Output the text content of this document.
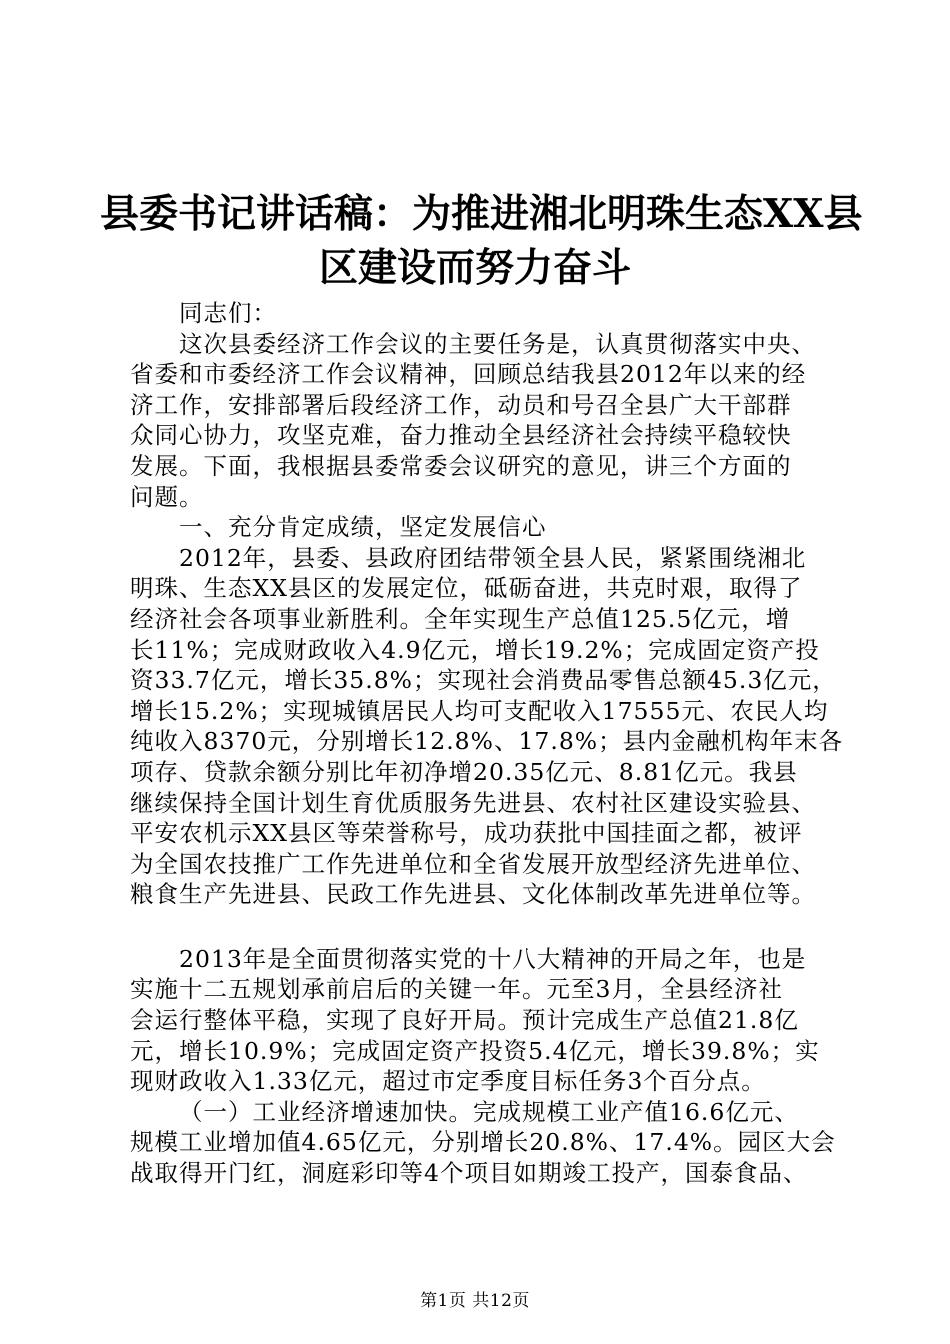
县委书记讲话稿：为推进湘北明珠生态XX县
区建设而努力奋斗
同志们：
这次县委经济工作会议的主要任务是，认真贯彻落实中央、
省委和市委经济工作会议精神，回顾总结我县2012年以来的经
济工作，安排部署后段经济工作，动员和号召全县广大干部群
众同心协力，攻坚克难，奋力推动全县经济社会持续平稳较快
发展。下面，我根据县委常委会议研究的意见，讲三个方面的
问题。
一、充分肯定成绩，坚定发展信心
2012年，县委、县政府团结带领全县人民，紧紧围绕湘北
明珠、生态XX县区的发展定位，砥砺奋进，共克时艰，取得了
经济社会各项事业新胜利。全年实现生产总值125.5亿元，增
长11%；完成财政收入4.9亿元，增长19.2%；完成固定资产投
资33.7亿元，增长35.8%；实现社会消费品零售总额45.3亿元，
增长15.2%；实现城镇居民人均可支配收入17555元、农民人均
纯收入8370元，分别增长12.8%、17.8%；县内金融机构年末各
项存、贷款余额分别比年初净增20.35亿元、8.81亿元。我县
继续保持全国计划生育优质服务先进县、农村社区建设实验县、
平安农机示XX县区等荣誉称号，成功获批中国挂面之都，被评
为全国农技推广工作先进单位和全省发展开放型经济先进单位、
粮食生产先进县、民政工作先进县、文化体制改革先进单位等。
2013年是全面贯彻落实党的十八大精神的开局之年，也是
实施十二五规划承前启后的关键一年。元至3月，全县经济社
会运行整体平稳，实现了良好开局。预计完成生产总值21.8亿
元，增长10.9%；完成固定资产投资5.4亿元，增长39.8%；实
现财政收入1.33亿元，超过市定季度目标任务3个百分点。
（一）工业经济增速加快。完成规模工业产值16.6亿元、
规模工业增加值4.65亿元，分别增长20.8%、17.4%。园区大会
战取得开门红，洞庭彩印等4个项目如期竣工投产，国泰食品、
第1页 共12页
